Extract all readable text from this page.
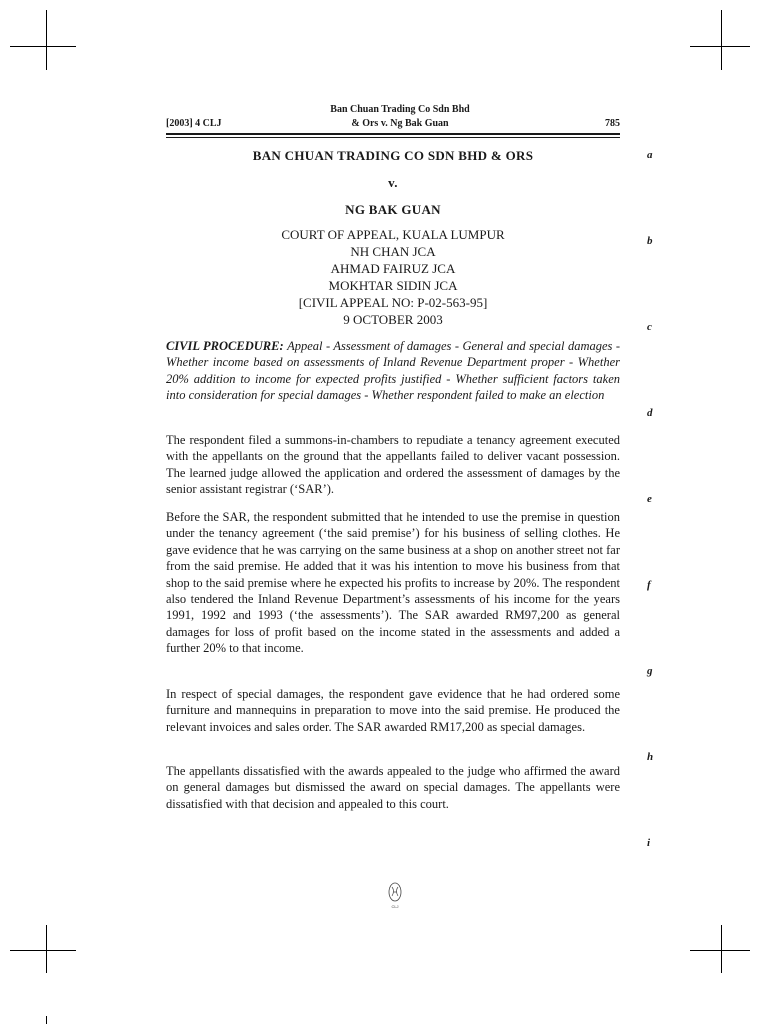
[2003] 4 CLJ
Ban Chuan Trading Co Sdn Bhd
& Ors v. Ng Bak Guan	785
BAN CHUAN TRADING CO SDN BHD & ORS
v.
NG BAK GUAN
COURT OF APPEAL, KUALA LUMPUR
NH CHAN JCA
AHMAD FAIRUZ JCA
MOKHTAR SIDIN JCA
[CIVIL APPEAL NO: P-02-563-95]
9 OCTOBER 2003

CIVIL PROCEDURE: Appeal - Assessment of damages - General and special damages - Whether income based on assessments of Inland Revenue Department proper - Whether 20% addition to income for expected profits justified - Whether sufficient factors taken into consideration for special damages - Whether respondent failed to make an election

The respondent filed a summons-in-chambers to repudiate a tenancy agreement executed with the appellants on the ground that the appellants failed to deliver vacant possession. The learned judge allowed the application and ordered the assessment of damages by the senior assistant registrar (‘SAR’).

Before the SAR, the respondent submitted that he intended to use the premise in question under the tenancy agreement (‘the said premise’) for his business of selling clothes. He gave evidence that he was carrying on the same business at a shop on another street not far from the said premise. He added that it was his intention to move his business from that shop to the said premise where he expected his profits to increase by 20%. The respondent also tendered the Inland Revenue Department’s assessments of his income for the years 1991, 1992 and 1993 (‘the assessments’). The SAR awarded RM97,200 as general damages for loss of profit based on the income stated in the assessments and added a further 20% to that income.

In respect of special damages, the respondent gave evidence that he had ordered some furniture and mannequins in preparation to move into the said premise. He produced the relevant invoices and sales order. The SAR awarded RM17,200 as special damages.

The appellants dissatisfied with the awards appealed to the judge who affirmed the award on general damages but dismissed the award on special damages. The appellants were dissatisfied with that decision and appealed to this court.

a
b
c
d
e
f
g
h
i
CLJ
